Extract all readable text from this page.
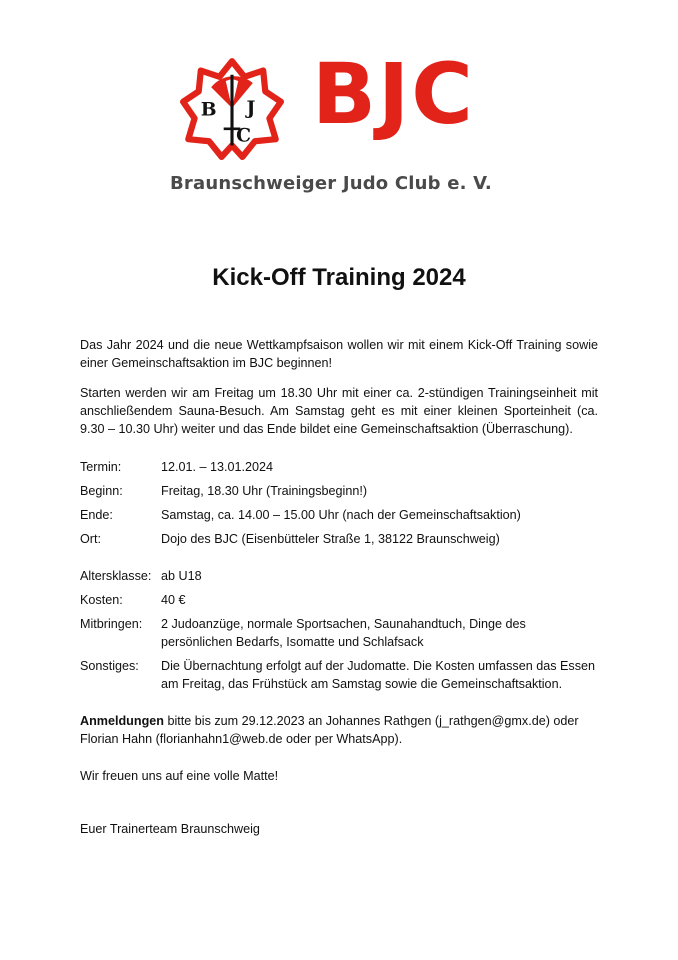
B J
C BJC
Braunschweiger Judo Club e. V.
Kick-Off Training 2024

Das Jahr 2024 und die neue Wettkampfsaison wollen wir mit einem Kick-Off Training sowie einer Gemeinschaftsaktion im BJC beginnen!

Starten werden wir am Freitag um 18.30 Uhr mit einer ca. 2-stündigen Trainingseinheit mit anschließendem Sauna-Besuch. Am Samstag geht es mit einer kleinen Sporteinheit (ca. 9.30 – 10.30 Uhr) weiter und das Ende bildet eine Gemeinschaftsaktion (Überraschung).

Termin:	12.01. – 13.01.2024
Beginn:	Freitag, 18.30 Uhr (Trainingsbeginn!)
Ende:	Samstag, ca. 14.00 – 15.00 Uhr (nach der Gemeinschaftsaktion)
Ort:	Dojo des BJC (Eisenbütteler Straße 1, 38122 Braunschweig)
Altersklasse: ab U18
Kosten:	40 €
Mitbringen:	2 Judoanzüge, normale Sportsachen, Saunahandtuch, Dinge des persönlichen Bedarfs, Isomatte und Schlafsack
Sonstiges:	Die Übernachtung erfolgt auf der Judomatte. Die Kosten umfassen das Essen am Freitag, das Frühstück am Samstag sowie die Gemeinschaftsaktion.

Anmeldungen bitte bis zum 29.12.2023 an Johannes Rathgen (j_rathgen@gmx.de) oder Florian Hahn (florianhahn1@web.de oder per WhatsApp).

Wir freuen uns auf eine volle Matte!

Euer Trainerteam Braunschweig
